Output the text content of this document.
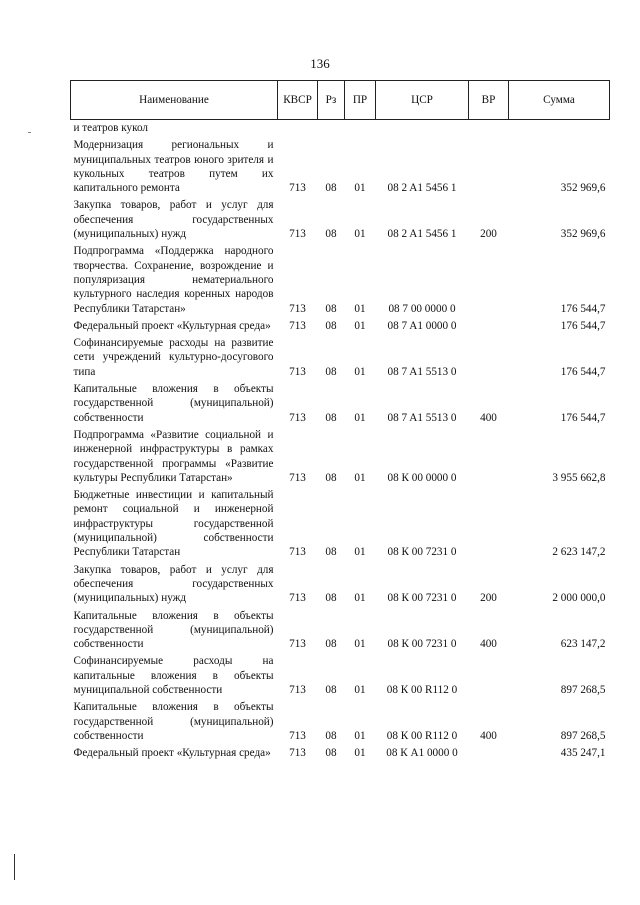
136
Наименование	КВСР	Рз	ПР	ЦСР	ВР	Сумма
и театров кукол						
Модернизация региональных и муниципальных театров юного зрителя и кукольных театров путем их капитального ремонта	713	08	01	08 2 A1 5456 1		352 969,6
Закупка товаров, работ и услуг для обеспечения государственных (муниципальных) нужд	713	08	01	08 2 A1 5456 1	200	352 969,6
Подпрограмма «Поддержка народного творчества. Сохранение, возрождение и популяризация нематериального культурного наследия коренных народов Республики Татарстан»	713	08	01	08 7 00 0000 0		176 544,7
Федеральный проект «Культурная среда»	713	08	01	08 7 A1 0000 0		176 544,7
Софинансируемые расходы на развитие сети учреждений культурно-досугового типа	713	08	01	08 7 A1 5513 0		176 544,7
Капитальные вложения в объекты государственной (муниципальной) собственности	713	08	01	08 7 A1 5513 0	400	176 544,7
Подпрограмма «Развитие социальной и инженерной инфраструктуры в рамках государственной программы «Развитие культуры Республики Татарстан»	713	08	01	08 К 00 0000 0		3 955 662,8
Бюджетные инвестиции и капитальный ремонт социальной и инженерной инфраструктуры государственной (муниципальной) собственности Республики Татарстан	713	08	01	08 К 00 7231 0		2 623 147,2
Закупка товаров, работ и услуг для обеспечения государственных (муниципальных) нужд	713	08	01	08 К 00 7231 0	200	2 000 000,0
Капитальные вложения в объекты государственной (муниципальной) собственности	713	08	01	08 К 00 7231 0	400	623 147,2
Софинансируемые расходы на капитальные вложения в объекты муниципальной собственности	713	08	01	08 К 00 R112 0		897 268,5
Капитальные вложения в объекты государственной (муниципальной) собственности	713	08	01	08 К 00 R112 0	400	897 268,5
Федеральный проект «Культурная среда»	713	08	01	08 К A1 0000 0		435 247,1
